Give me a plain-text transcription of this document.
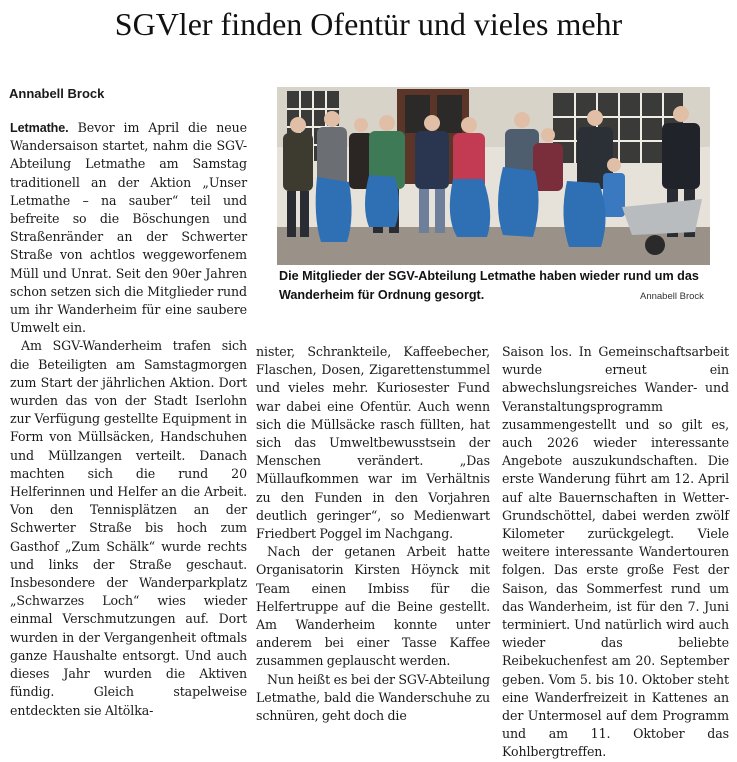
SGVler finden Ofentür und vieles mehr
Annabell Brock
Die Mitglieder der SGV-Abteilung Letmathe haben wieder rund um das Wanderheim für Ordnung gesorgt.	Annabell Brock

Letmathe. Bevor im April die neue Wandersaison startet, nahm die SGV-Abteilung Letmathe am Samstag traditionell an der Aktion „Unser Letmathe – na sauber“ teil und befreite so die Böschungen und Straßenränder an der Schwerter Straße von achtlos weggeworfenem Müll und Unrat. Seit den 90er Jahren schon setzen sich die Mitglieder rund um ihr Wanderheim für eine saubere Umwelt ein.

Am SGV-Wanderheim trafen sich die Beteiligten am Samstagmorgen zum Start der jährlichen Aktion. Dort wurden das von der Stadt Iserlohn zur Verfügung gestellte Equipment in Form von Müllsäcken, Handschuhen und Müllzangen verteilt. Danach machten sich die rund 20 Helferinnen und Helfer an die Arbeit. Von den Tennisplätzen an der Schwerter Straße bis hoch zum Gasthof „Zum Schälk“ wurde rechts und links der Straße geschaut. Insbesondere der Wanderparkplatz „Schwarzes Loch“ wies wieder einmal Verschmutzungen auf. Dort wurden in der Vergangenheit oftmals ganze Haushalte entsorgt. Und auch dieses Jahr wurden die Aktiven fündig. Gleich stapelweise entdeckten sie Altölka-

nister, Schrankteile, Kaffeebecher, Flaschen, Dosen, Zigarettenstummel und vieles mehr. Kuriosester Fund war dabei eine Ofentür. Auch wenn sich die Müllsäcke rasch füllten, hat sich das Umweltbewusstsein der Menschen verändert. „Das Müllaufkommen war im Verhältnis zu den Funden in den Vorjahren deutlich geringer“, so Medienwart Friedbert Poggel im Nachgang.

Nach der getanen Arbeit hatte Organisatorin Kirsten Höynck mit Team einen Imbiss für die Helfertruppe auf die Beine gestellt. Am Wanderheim konnte unter anderem bei einer Tasse Kaffee zusammen geplauscht werden.

Nun heißt es bei der SGV-Abteilung Letmathe, bald die Wanderschuhe zu schnüren, geht doch die

Saison los. In Gemeinschaftsarbeit wurde erneut ein abwechslungsreiches Wander- und Veranstaltungsprogramm zusammengestellt und so gilt es, auch 2026 wieder interessante Angebote auszukundschaften. Die erste Wanderung führt am 12. April auf alte Bauernschaften in Wetter-Grundschöttel, dabei werden zwölf Kilometer zurückgelegt. Viele weitere interessante Wandertouren folgen. Das erste große Fest der Saison, das Sommerfest rund um das Wanderheim, ist für den 7. Juni terminiert. Und natürlich wird auch wieder das beliebte Reibekuchenfest am 20. September geben. Vom 5. bis 10. Oktober steht eine Wanderfreizeit in Kattenes an der Untermosel auf dem Programm und am 11. Oktober das Kohlbergtreffen.
